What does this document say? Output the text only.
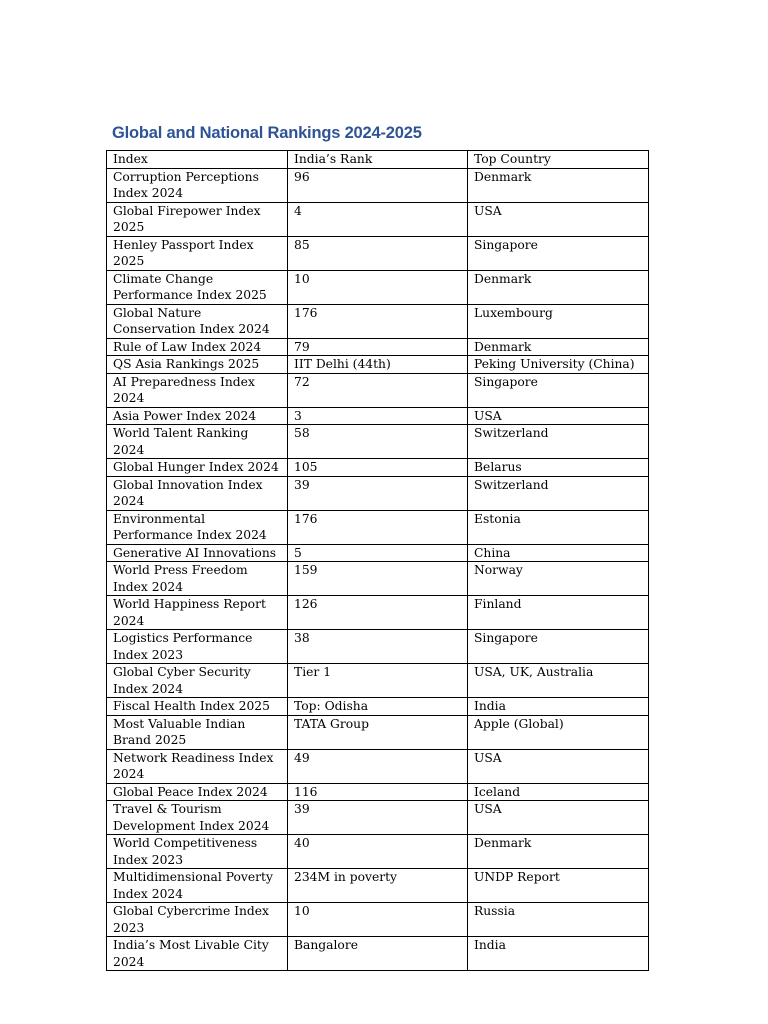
Global and National Rankings 2024-2025
Index	India’s Rank	Top Country
Corruption Perceptions Index 2024	96	Denmark
Global Firepower Index 2025	4	USA
Henley Passport Index 2025	85	Singapore
Climate Change Performance Index 2025	10	Denmark
Global Nature Conservation Index 2024	176	Luxembourg
Rule of Law Index 2024	79	Denmark
QS Asia Rankings 2025	IIT Delhi (44th)	Peking University (China)
AI Preparedness Index 2024	72	Singapore
Asia Power Index 2024	3	USA
World Talent Ranking 2024	58	Switzerland
Global Hunger Index 2024	105	Belarus
Global Innovation Index 2024	39	Switzerland
Environmental Performance Index 2024	176	Estonia
Generative AI Innovations	5	China
World Press Freedom Index 2024	159	Norway
World Happiness Report 2024	126	Finland
Logistics Performance Index 2023	38	Singapore
Global Cyber Security Index 2024	Tier 1	USA, UK, Australia
Fiscal Health Index 2025	Top: Odisha	India
Most Valuable Indian Brand 2025	TATA Group	Apple (Global)
Network Readiness Index 2024	49	USA
Global Peace Index 2024	116	Iceland
Travel & Tourism Development Index 2024	39	USA
World Competitiveness Index 2023	40	Denmark
Multidimensional Poverty Index 2024	234M in poverty	UNDP Report
Global Cybercrime Index 2023	10	Russia
India’s Most Livable City 2024	Bangalore	India
